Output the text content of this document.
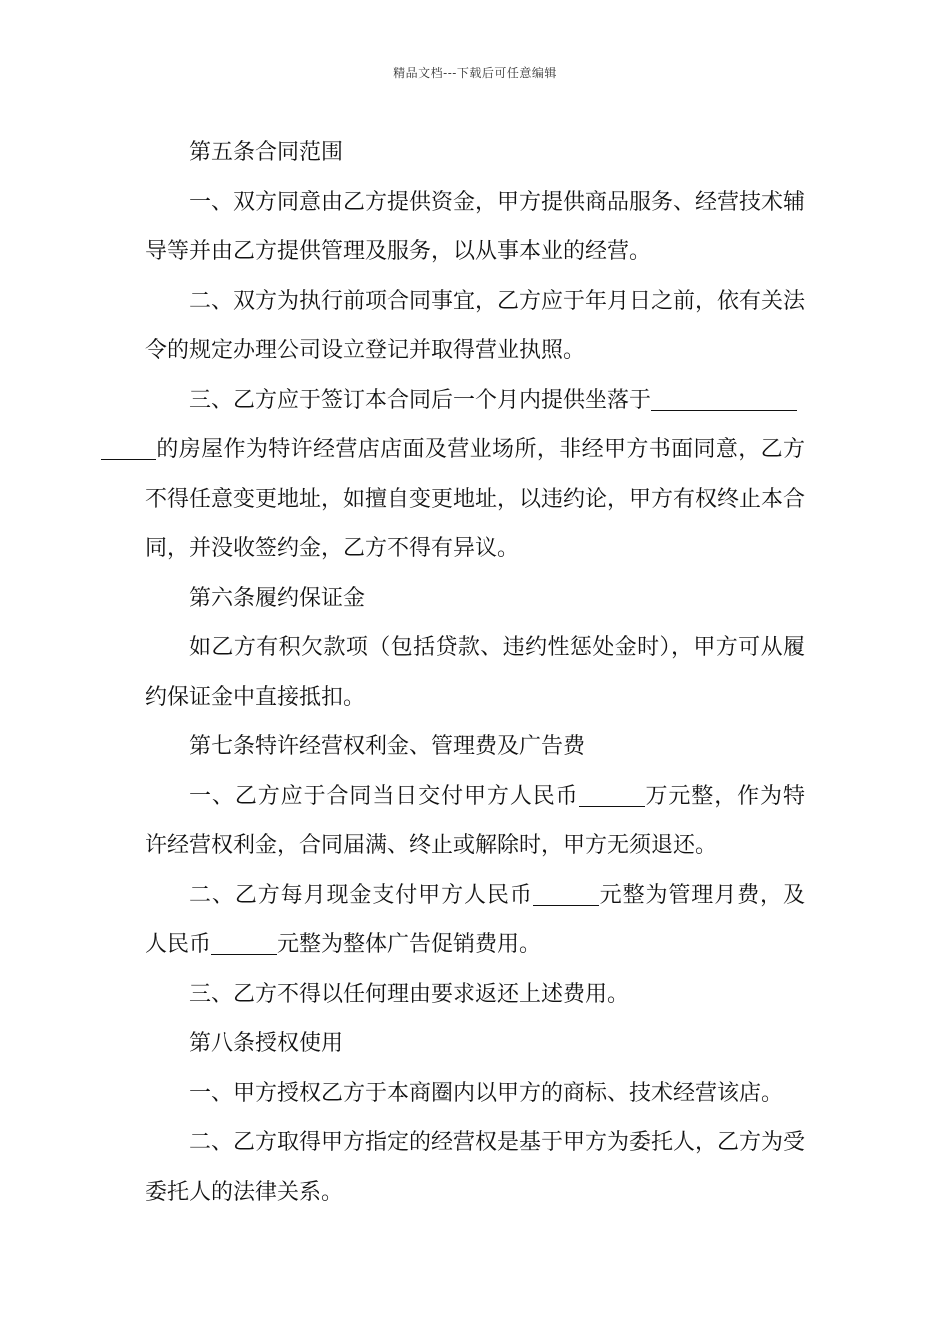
精品文档---下载后可任意编辑

第五条合同范围

一、双方同意由乙方提供资金，甲方提供商品服务、经营技术辅导等并由乙方提供管理及服务，以从事本业的经营。

二、双方为执行前项合同事宜，乙方应于年月日之前，依有关法令的规定办理公司设立登记并取得营业执照。

三、乙方应于签订本合同后一个月内提供坐落于
的房屋作为特许经营店店面及营业场所，非经甲方书面同意，乙方不得任意变更地址，如擅自变更地址，以违约论，甲方有权终止本合同，并没收签约金，乙方不得有异议。

第六条履约保证金

如乙方有积欠款项（包括贷款、违约性惩处金时），甲方可从履约保证金中直接抵扣。

第七条特许经营权利金、管理费及广告费

一、乙方应于合同当日交付甲方人民币	万元整，作为特许经营权利金，合同届满、终止或解除时，甲方无须退还。

二、乙方每月现金支付甲方人民币	元整为管理月费，及人民币	元整为整体广告促销费用。

三、乙方不得以任何理由要求返还上述费用。

第八条授权使用

一、甲方授权乙方于本商圈内以甲方的商标、技术经营该店。

二、乙方取得甲方指定的经营权是基于甲方为委托人，乙方为受委托人的法律关系。
